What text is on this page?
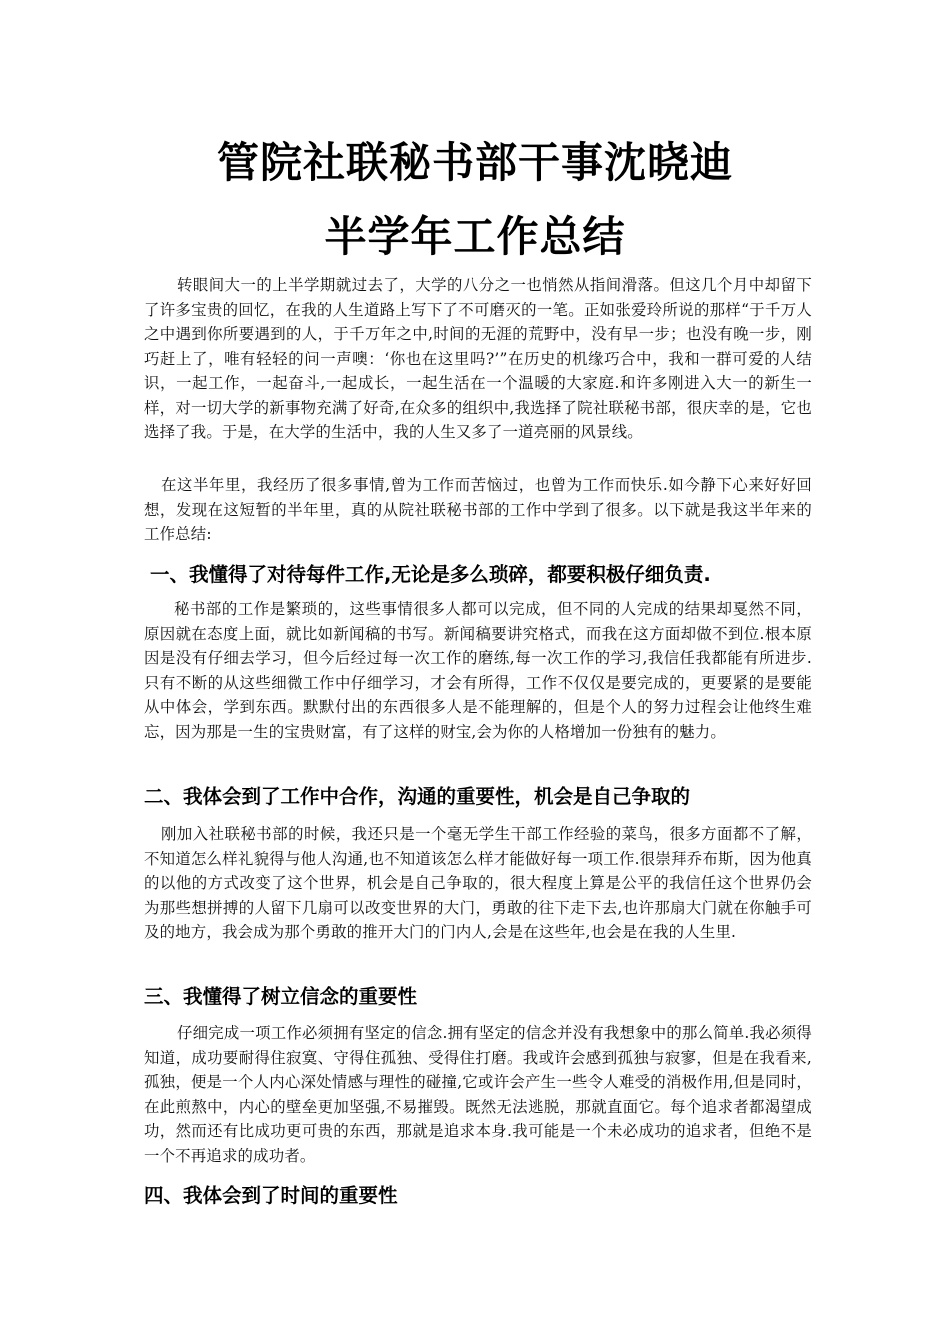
管院社联秘书部干事沈晓迪
半学年工作总结

转眼间大一的上半学期就过去了，大学的八分之一也悄然从指间滑落。但这几个月中却留下了许多宝贵的回忆，在我的人生道路上写下了不可磨灭的一笔。正如张爱玲所说的那样“于千万人之中遇到你所要遇到的人，于千万年之中,时间的无涯的荒野中，没有早一步；也没有晚一步，刚巧赶上了，唯有轻轻的问一声噢：‘你也在这里吗?’”在历史的机缘巧合中，我和一群可爱的人结识，一起工作，一起奋斗,一起成长，一起生活在一个温暖的大家庭.和许多刚进入大一的新生一样，对一切大学的新事物充满了好奇,在众多的组织中,我选择了院社联秘书部，很庆幸的是，它也选择了我。于是，在大学的生活中，我的人生又多了一道亮丽的风景线。

在这半年里，我经历了很多事情,曾为工作而苦恼过，也曾为工作而快乐.如今静下心来好好回想，发现在这短暂的半年里，真的从院社联秘书部的工作中学到了很多。以下就是我这半年来的工作总结:

一、我懂得了对待每件工作,无论是多么琐碎，都要积极仔细负责.

秘书部的工作是繁琐的，这些事情很多人都可以完成，但不同的人完成的结果却戛然不同，原因就在态度上面，就比如新闻稿的书写。新闻稿要讲究格式，而我在这方面却做不到位.根本原因是没有仔细去学习，但今后经过每一次工作的磨练,每一次工作的学习,我信任我都能有所进步.只有不断的从这些细微工作中仔细学习，才会有所得，工作不仅仅是要完成的，更要紧的是要能从中体会，学到东西。默默付出的东西很多人是不能理解的，但是个人的努力过程会让他终生难忘，因为那是一生的宝贵财富，有了这样的财宝,会为你的人格增加一份独有的魅力。

二、我体会到了工作中合作，沟通的重要性，机会是自己争取的

刚加入社联秘书部的时候，我还只是一个毫无学生干部工作经验的菜鸟，很多方面都不了解，不知道怎么样礼貌得与他人沟通,也不知道该怎么样才能做好每一项工作.很崇拜乔布斯，因为他真的以他的方式改变了这个世界，机会是自己争取的，很大程度上算是公平的我信任这个世界仍会为那些想拼搏的人留下几扇可以改变世界的大门，勇敢的往下走下去,也许那扇大门就在你触手可及的地方，我会成为那个勇敢的推开大门的门内人,会是在这些年,也会是在我的人生里.

三、我懂得了树立信念的重要性

仔细完成一项工作必须拥有坚定的信念.拥有坚定的信念并没有我想象中的那么简单.我必须得知道，成功要耐得住寂寞、守得住孤独、受得住打磨。我或许会感到孤独与寂寥，但是在我看来,孤独，便是一个人内心深处情感与理性的碰撞,它或许会产生一些令人难受的消极作用,但是同时，在此煎熬中，内心的壁垒更加坚强,不易摧毁。既然无法逃脱，那就直面它。每个追求者都渴望成功，然而还有比成功更可贵的东西，那就是追求本身.我可能是一个未必成功的追求者，但绝不是一个不再追求的成功者。

四、我体会到了时间的重要性
